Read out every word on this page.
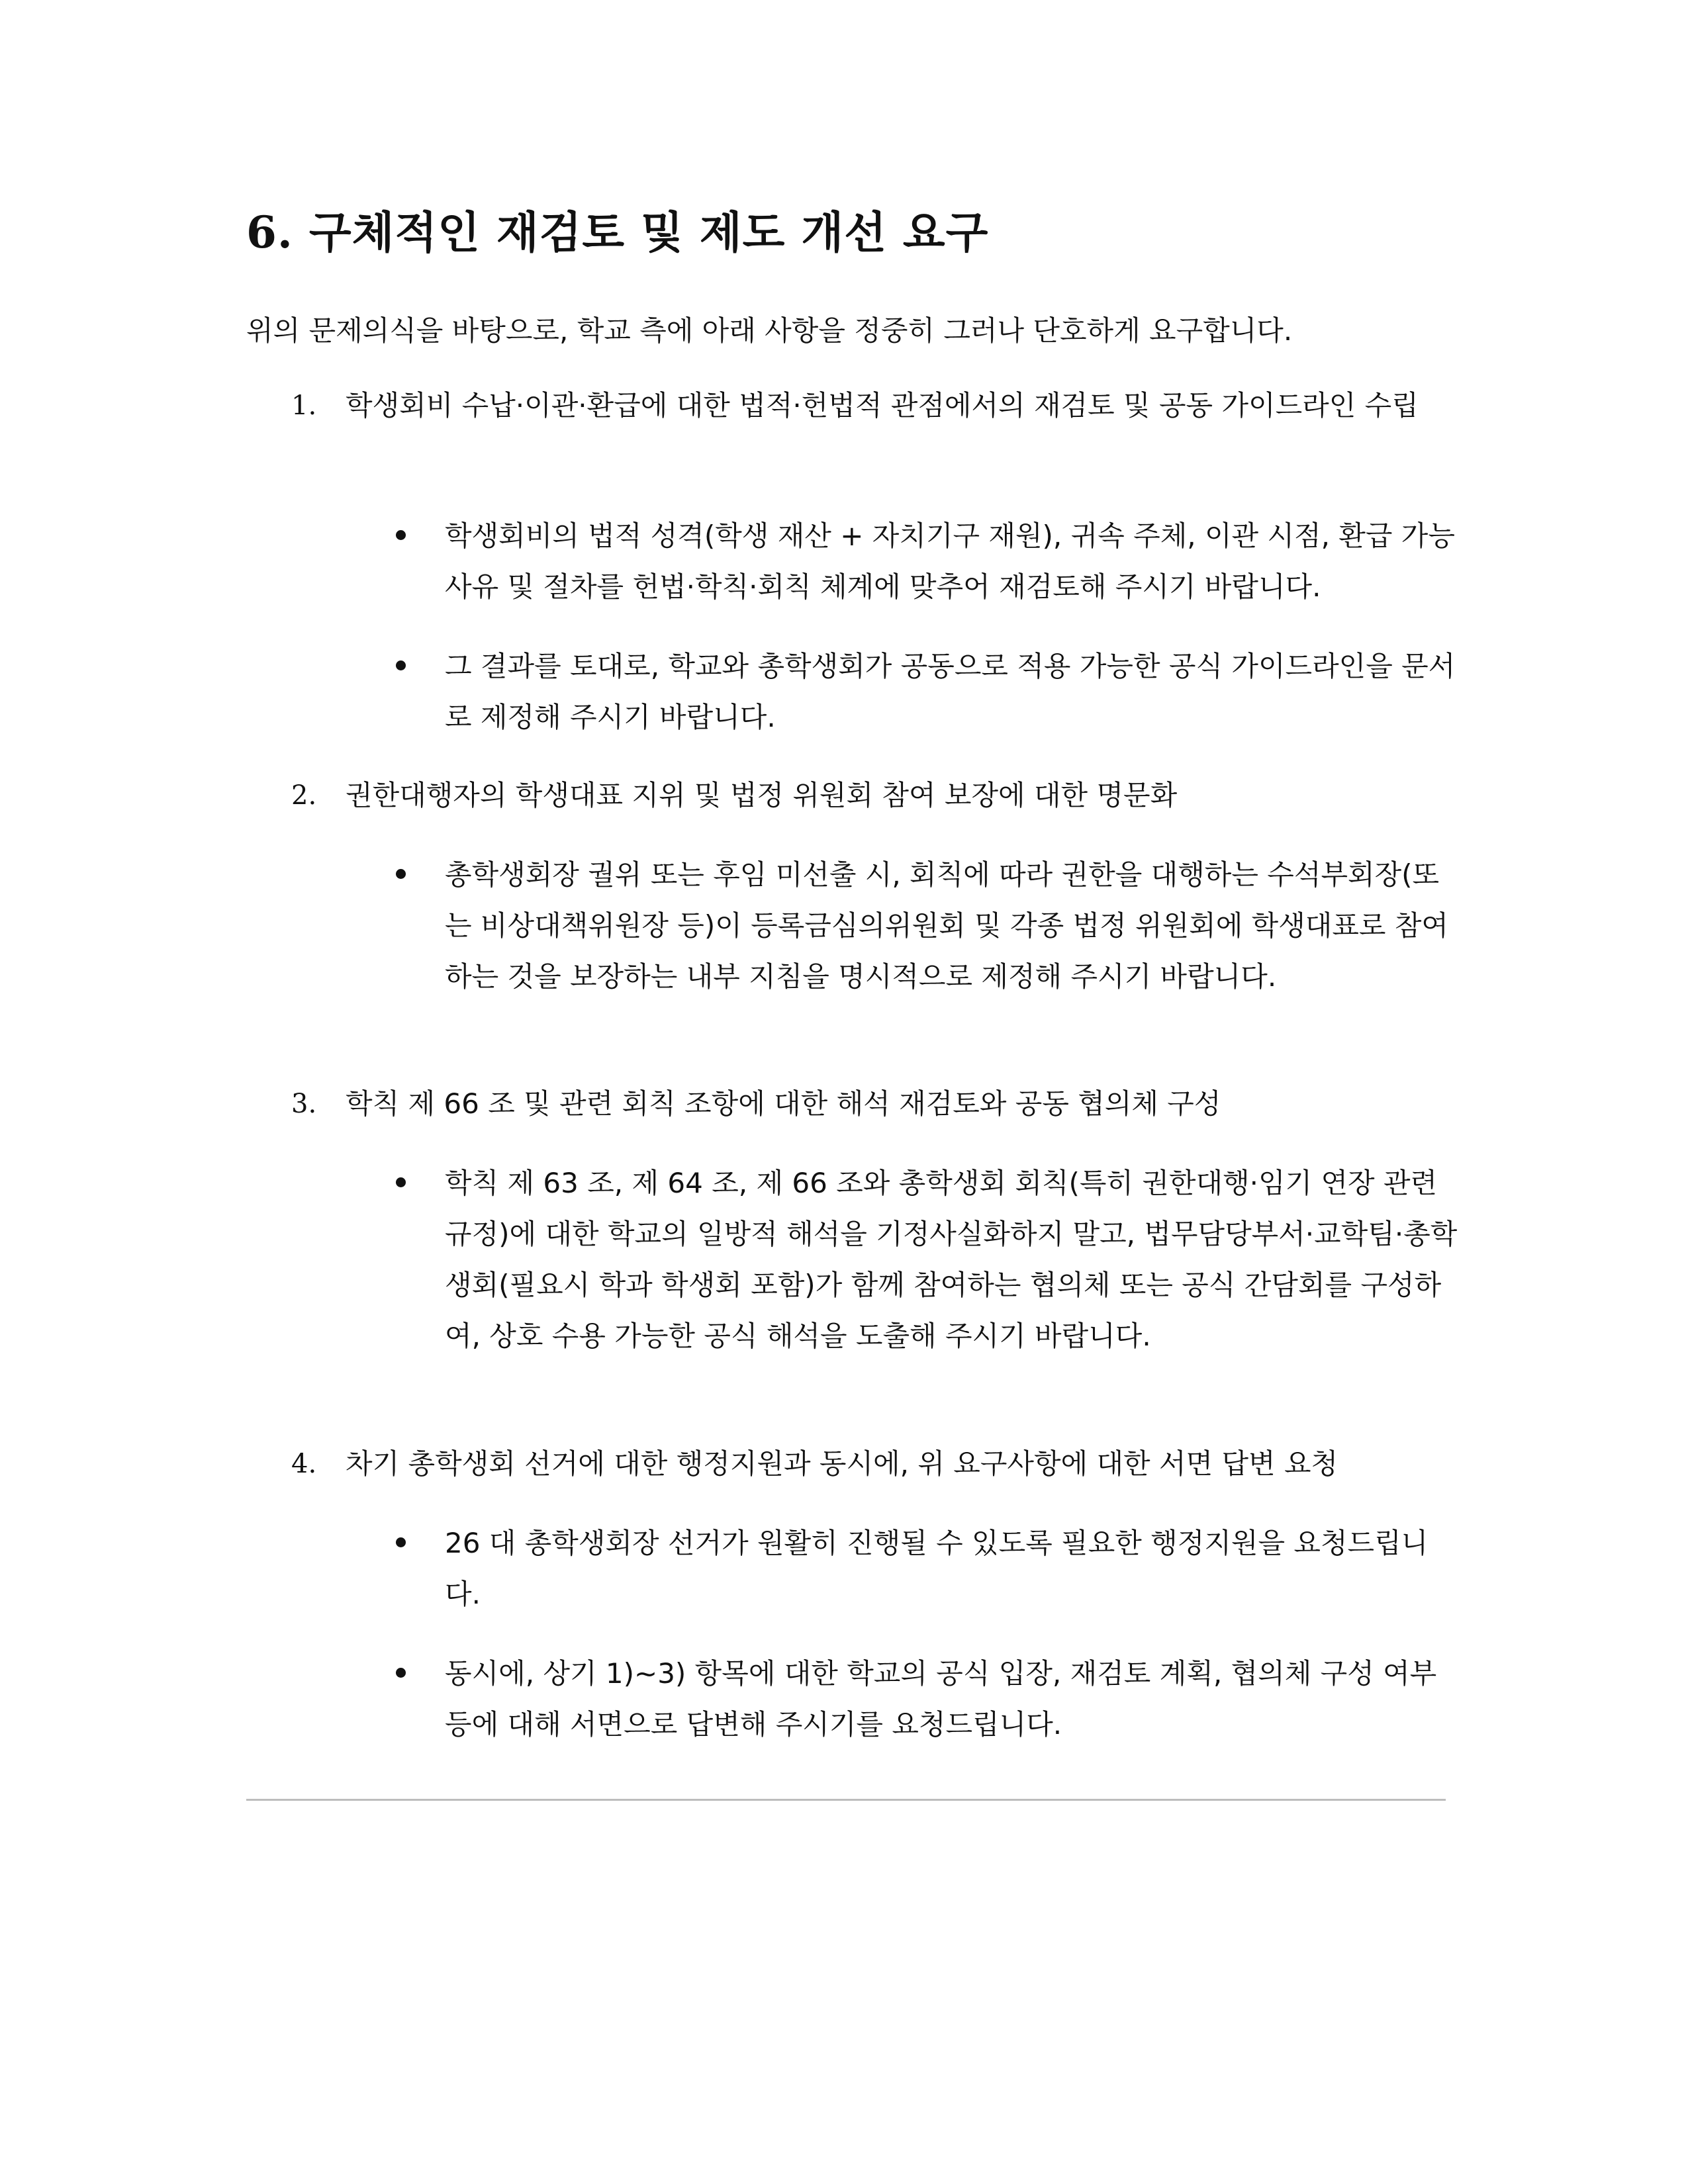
6. 구체적인 재검토 및 제도 개선 요구

위의 문제의식을 바탕으로, 학교 측에 아래 사항을 정중히 그러나 단호하게 요구합니다.

1. 학생회비 수납·이관·환급에 대한 법적·헌법적 관점에서의 재검토 및 공동 가이드라인 수립
학생회비의 법적 성격(학생 재산 + 자치기구 재원), 귀속 주체, 이관 시점, 환급 가능 사유 및 절차를 헌법·학칙·회칙 체계에 맞추어 재검토해 주시기 바랍니다.
그 결과를 토대로, 학교와 총학생회가 공동으로 적용 가능한 공식 가이드라인을 문서로 제정해 주시기 바랍니다.
2. 권한대행자의 학생대표 지위 및 법정 위원회 참여 보장에 대한 명문화
총학생회장 궐위 또는 후임 미선출 시, 회칙에 따라 권한을 대행하는 수석부회장(또는 비상대책위원장 등)이 등록금심의위원회 및 각종 법정 위원회에 학생대표로 참여하는 것을 보장하는 내부 지침을 명시적으로 제정해 주시기 바랍니다.
3. 학칙 제 66 조 및 관련 회칙 조항에 대한 해석 재검토와 공동 협의체 구성
학칙 제 63 조, 제 64 조, 제 66 조와 총학생회 회칙(특히 권한대행·임기 연장 관련 규정)에 대한 학교의 일방적 해석을 기정사실화하지 말고, 법무담당부서·교학팀·총학생회(필요시 학과 학생회 포함)가 함께 참여하는 협의체 또는 공식 간담회를 구성하여, 상호 수용 가능한 공식 해석을 도출해 주시기 바랍니다.
4. 차기 총학생회 선거에 대한 행정지원과 동시에, 위 요구사항에 대한 서면 답변 요청
26 대 총학생회장 선거가 원활히 진행될 수 있도록 필요한 행정지원을 요청드립니다.
동시에, 상기 1)~3) 항목에 대한 학교의 공식 입장, 재검토 계획, 협의체 구성 여부 등에 대해 서면으로 답변해 주시기를 요청드립니다.
